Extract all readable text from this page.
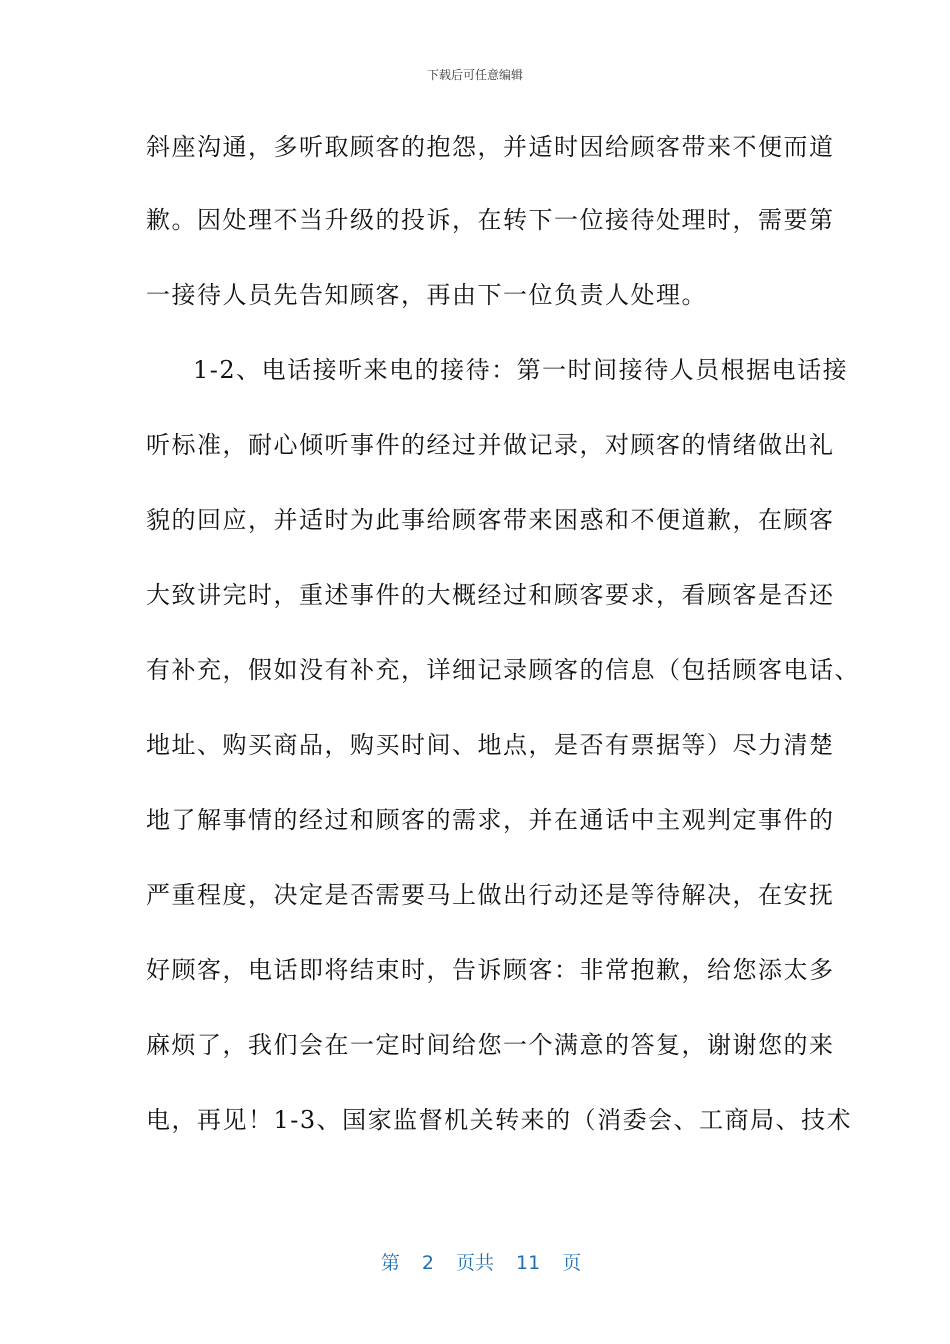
下载后可任意编辑
斜座沟通，多听取顾客的抱怨，并适时因给顾客带来不便而道
歉。因处理不当升级的投诉，在转下一位接待处理时，需要第
一接待人员先告知顾客，再由下一位负责人处理。
1-2、电话接听来电的接待：第一时间接待人员根据电话接
听标准，耐心倾听事件的经过并做记录，对顾客的情绪做出礼
貌的回应，并适时为此事给顾客带来困惑和不便道歉，在顾客
大致讲完时，重述事件的大概经过和顾客要求，看顾客是否还
有补充，假如没有补充，详细记录顾客的信息（包括顾客电话、
地址、购买商品，购买时间、地点，是否有票据等）尽力清楚
地了解事情的经过和顾客的需求，并在通话中主观判定事件的
严重程度，决定是否需要马上做出行动还是等待解决，在安抚
好顾客，电话即将结束时，告诉顾客：非常抱歉，给您添太多
麻烦了，我们会在一定时间给您一个满意的答复，谢谢您的来
电，再见！1-3、国家监督机关转来的（消委会、工商局、技术

第 2 页共 11 页
